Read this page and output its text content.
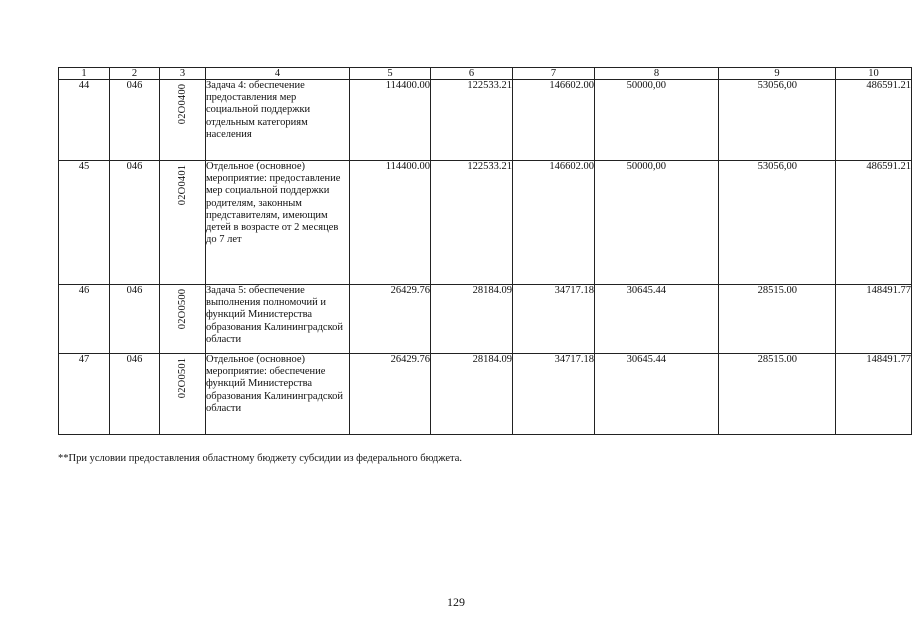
1	2	3	4	5	6	7	8	9	10
44	046	02О0400	Задача 4: обеспечение предоставления мер социальной поддержки отдельным категориям населения	114400.00	122533.21	146602.00	50000,00	53056,00	486591.21
45	046	02О0401	Отдельное (основное) мероприятие: предоставление мер социальной поддержки родителям, законным представителям, имеющим детей в возрасте от 2 месяцев до 7 лет	114400.00	122533.21	146602.00	50000,00	53056,00	486591.21
46	046	02О0500	Задача 5: обеспечение выполнения полномочий и функций Министерства образования Калининградской области	26429.76	28184.09	34717.18	30645.44	28515.00	148491.77
47	046	02О0501	Отдельное (основное) мероприятие: обеспечение функций Министерства образования Калининградской области	26429.76	28184.09	34717.18	30645.44	28515.00	148491.77
**При условии предоставления областному бюджету субсидии из федерального бюджета.
129
